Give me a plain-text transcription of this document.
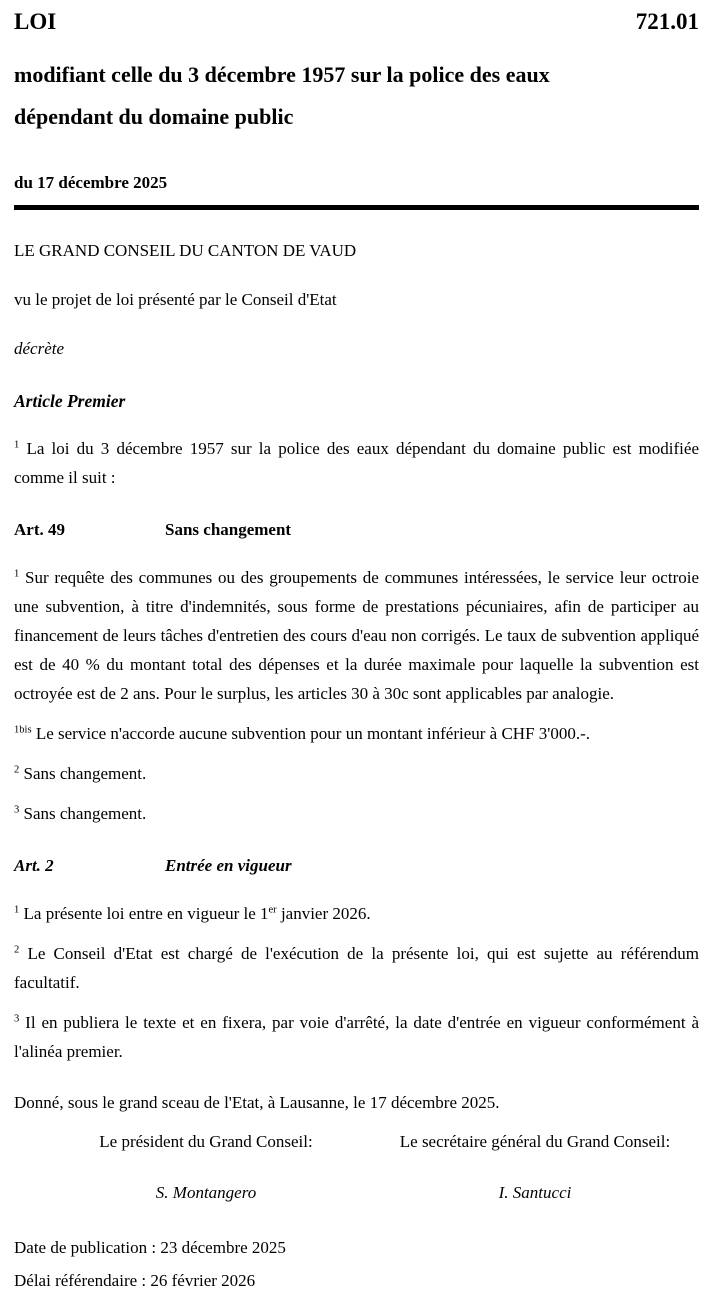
LOI	721.01
modifiant celle du 3 décembre 1957 sur la police des eaux dépendant du domaine public
du 17 décembre 2025

LE GRAND CONSEIL DU CANTON DE VAUD

vu le projet de loi présenté par le Conseil d'Etat

décrète

Article Premier

$^1$ La loi du 3 décembre 1957 sur la police des eaux dépendant du domaine public est modifiée comme il suit :

Art. 49	Sans changement

$^1$ Sur requête des communes ou des groupements de communes intéressées, le service leur octroie une subvention, à titre d'indemnités, sous forme de prestations pécuniaires, afin de participer au financement de leurs tâches d'entretien des cours d'eau non corrigés. Le taux de subvention appliqué est de 40 % du montant total des dépenses et la durée maximale pour laquelle la subvention est octroyée est de 2 ans. Pour le surplus, les articles 30 à 30c sont applicables par analogie.

$^{1bis}$ Le service n'accorde aucune subvention pour un montant inférieur à CHF 3'000.-.

$^2$ Sans changement.

$^3$ Sans changement.

Art. 2	Entrée en vigueur

$^1$ La présente loi entre en vigueur le 1er janvier 2026.

$^2$ Le Conseil d'Etat est chargé de l'exécution de la présente loi, qui est sujette au référendum facultatif.

$^3$ Il en publiera le texte et en fixera, par voie d'arrêté, la date d'entrée en vigueur conformément à l'alinéa premier.

Donné, sous le grand sceau de l'Etat, à Lausanne, le 17 décembre 2025.

Le président du Grand Conseil:
S. Montangero
Le secrétaire général du Grand Conseil:
I. Santucci

Date de publication : 23 décembre 2025

Délai référendaire : 26 février 2026
